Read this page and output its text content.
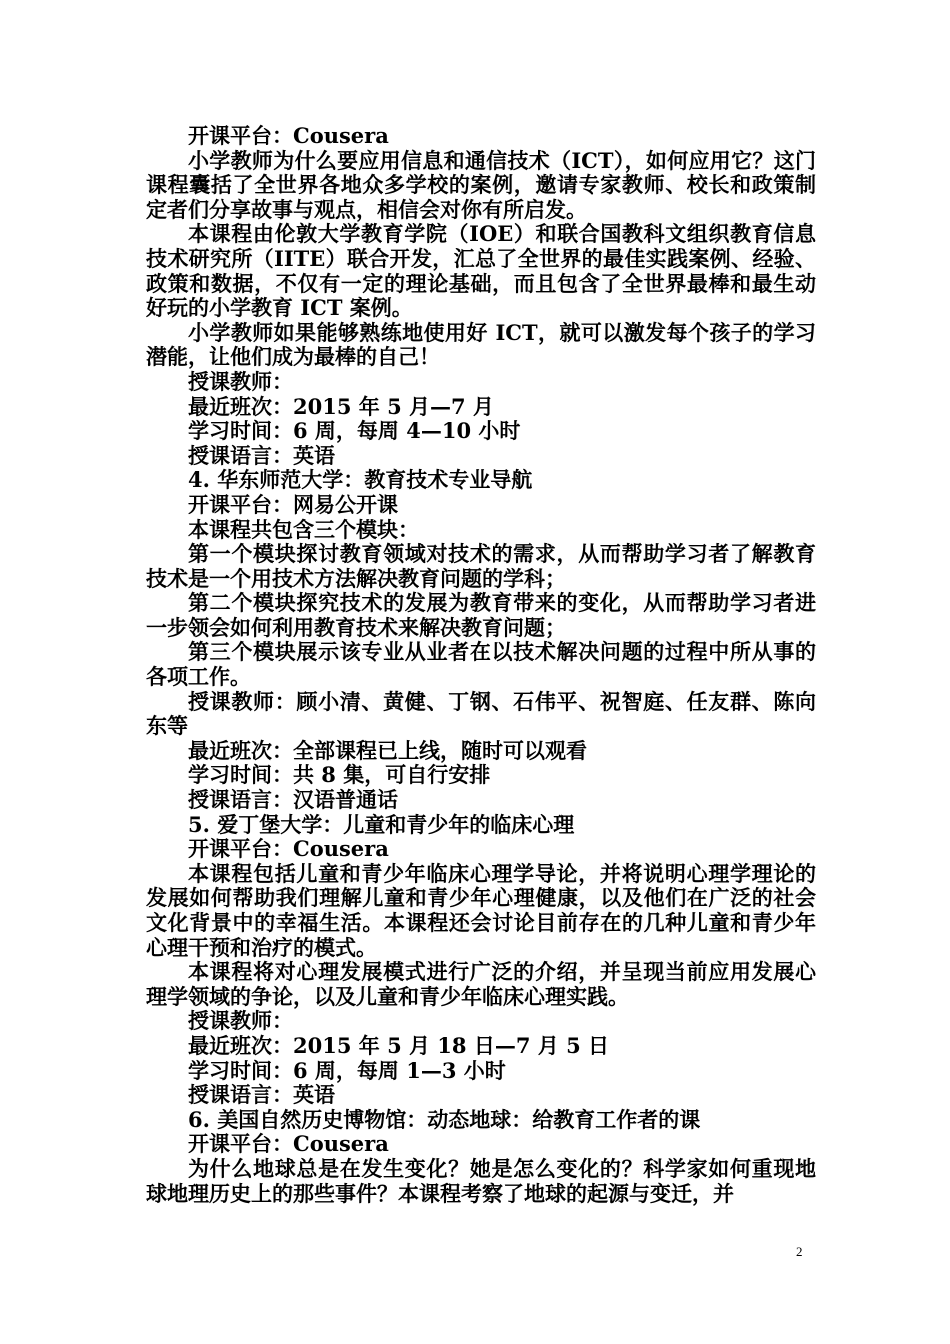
开课平台：Cousera

小学教师为什么要应用信息和通信技术（ICT），如何应用它？这门课程囊括了全世界各地众多学校的案例，邀请专家教师、校长和政策制定者们分享故事与观点，相信会对你有所启发。

本课程由伦敦大学教育学院（IOE）和联合国教科文组织教育信息技术研究所（IITE）联合开发，汇总了全世界的最佳实践案例、经验、政策和数据，不仅有一定的理论基础，而且包含了全世界最棒和最生动好玩的小学教育 ICT 案例。

小学教师如果能够熟练地使用好 ICT，就可以激发每个孩子的学习潜能，让他们成为最棒的自己！

授课教师：

最近班次：2015 年 5 月—7 月

学习时间：6 周，每周 4—10 小时

授课语言：英语

4. 华东师范大学：教育技术专业导航

开课平台：网易公开课

本课程共包含三个模块：

第一个模块探讨教育领域对技术的需求，从而帮助学习者了解教育技术是一个用技术方法解决教育问题的学科；

第二个模块探究技术的发展为教育带来的变化，从而帮助学习者进一步领会如何利用教育技术来解决教育问题；

第三个模块展示该专业从业者在以技术解决问题的过程中所从事的各项工作。

授课教师：顾小清、黄健、丁钢、石伟平、祝智庭、任友群、陈向东等

最近班次：全部课程已上线，随时可以观看

学习时间：共 8 集，可自行安排

授课语言：汉语普通话

5. 爱丁堡大学：儿童和青少年的临床心理

开课平台：Cousera

本课程包括儿童和青少年临床心理学导论，并将说明心理学理论的发展如何帮助我们理解儿童和青少年心理健康，以及他们在广泛的社会文化背景中的幸福生活。本课程还会讨论目前存在的几种儿童和青少年心理干预和治疗的模式。

本课程将对心理发展模式进行广泛的介绍，并呈现当前应用发展心理学领域的争论，以及儿童和青少年临床心理实践。

授课教师：

最近班次：2015 年 5 月 18 日—7 月 5 日

学习时间：6 周，每周 1—3 小时

授课语言：英语

6. 美国自然历史博物馆：动态地球：给教育工作者的课

开课平台：Cousera

为什么地球总是在发生变化？她是怎么变化的？科学家如何重现地球地理历史上的那些事件？本课程考察了地球的起源与变迁，并

2
